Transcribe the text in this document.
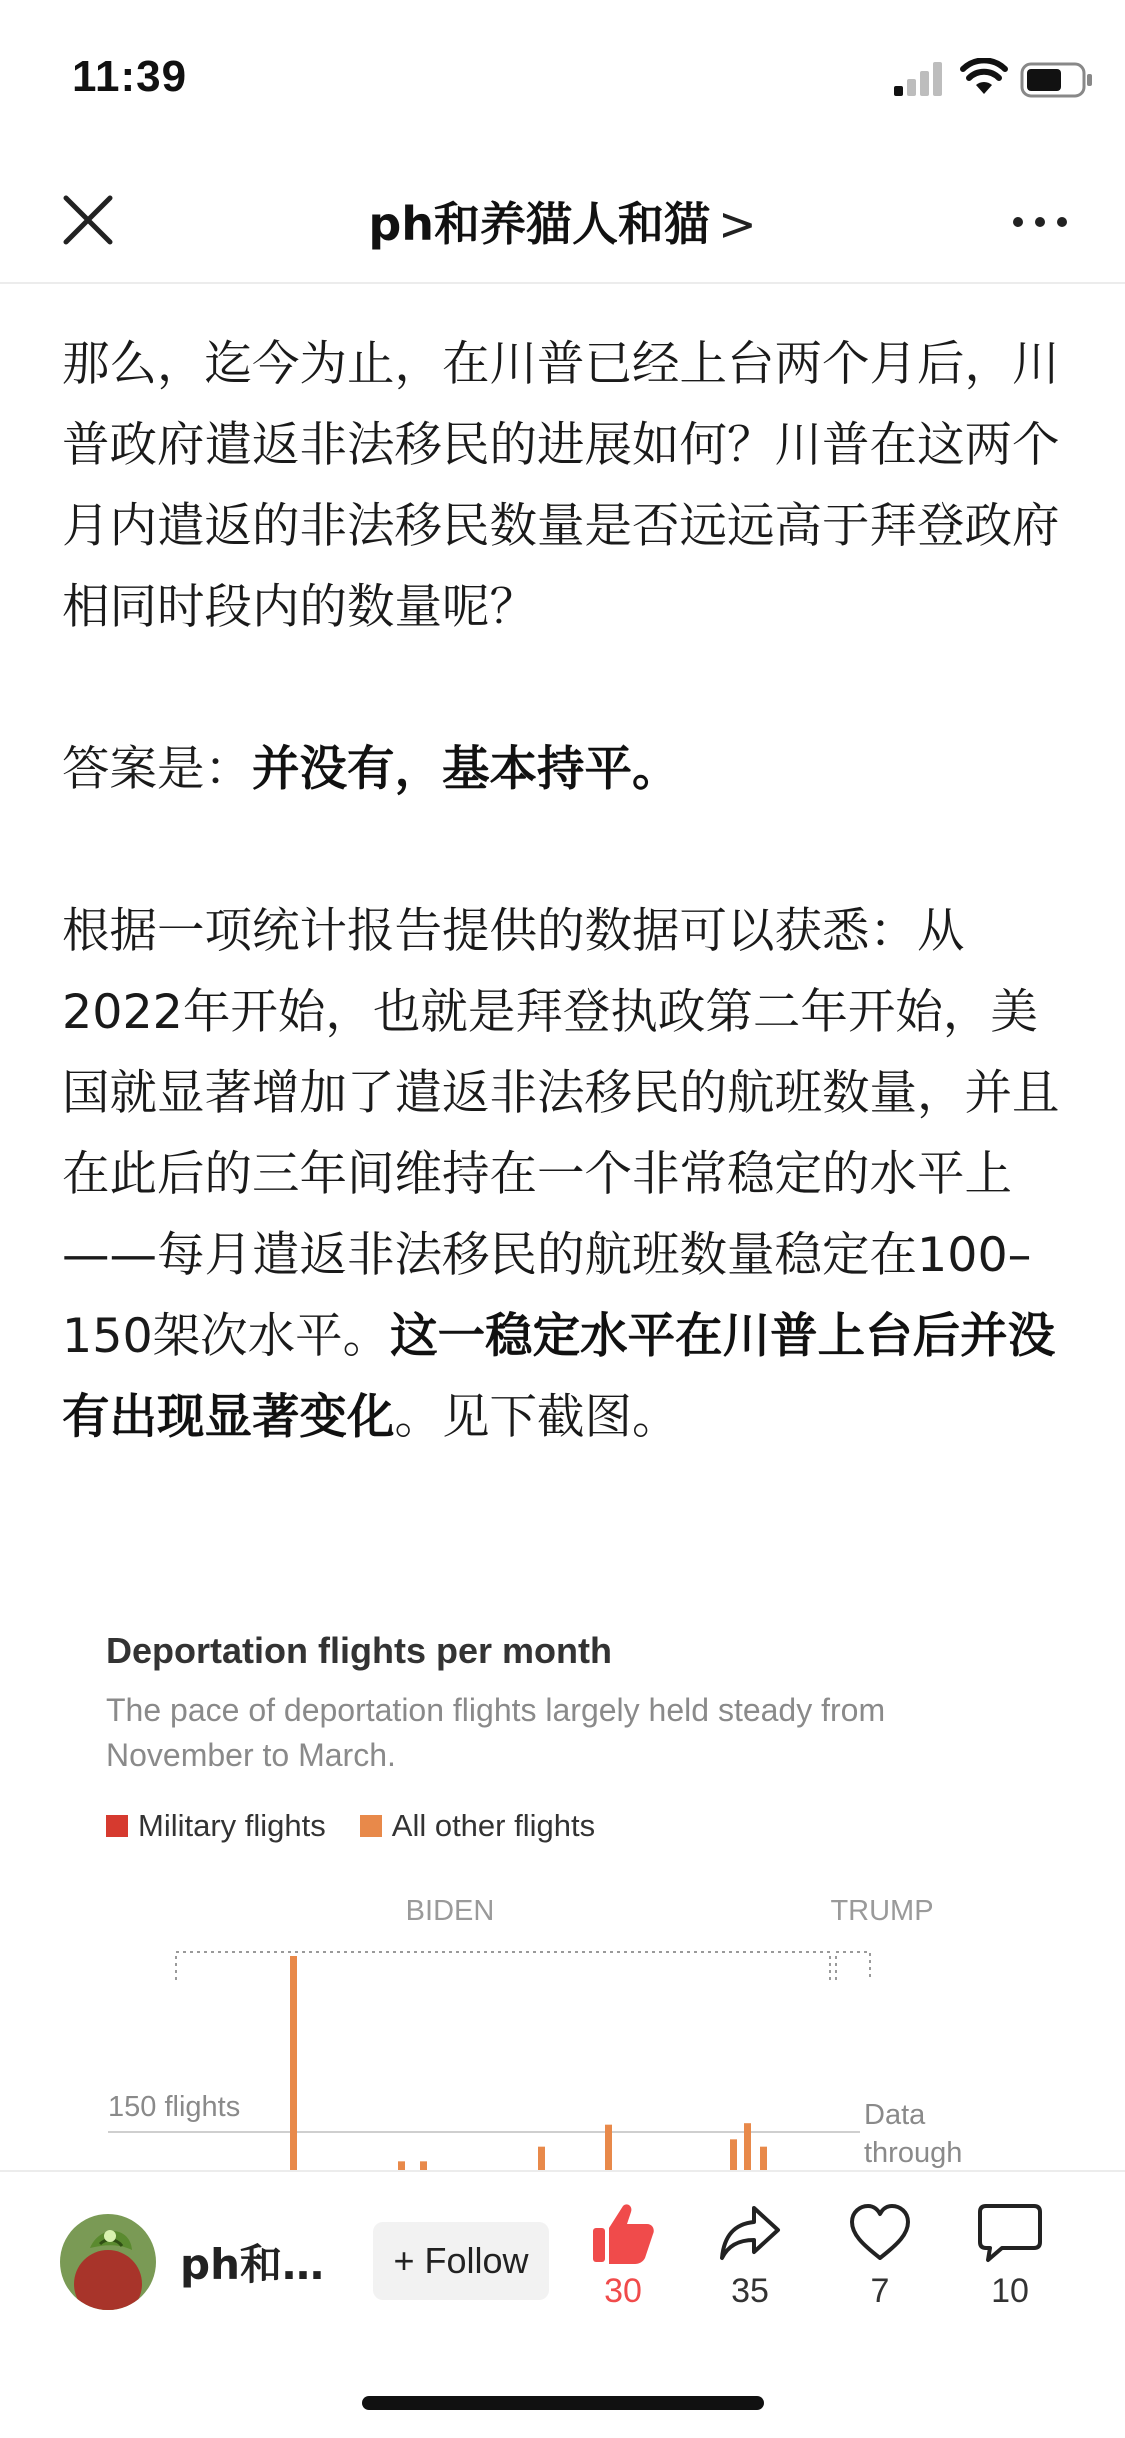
11:39
ph和养猫人和猫 >

那么，迄今为止，在川普已经上台两个月后，川普政府遣返非法移民的进展如何？川普在这两个月内遣返的非法移民数量是否远远高于拜登政府相同时段内的数量呢？

答案是：并没有，基本持平。

根据一项统计报告提供的数据可以获悉：从2022年开始，也就是拜登执政第二年开始，美国就显著增加了遣返非法移民的航班数量，并且在此后的三年间维持在一个非常稳定的水平上——每月遣返非法移民的航班数量稳定在100–150架次水平。这一稳定水平在川普上台后并没有出现显著变化。见下截图。

Deportation flights per month
The pace of deportation flights largely held steady from November to March.
Military flights All other flights
BIDEN	TRUMP
150 flights	Data through
ph和…	+ Follow
30	35	7	10
